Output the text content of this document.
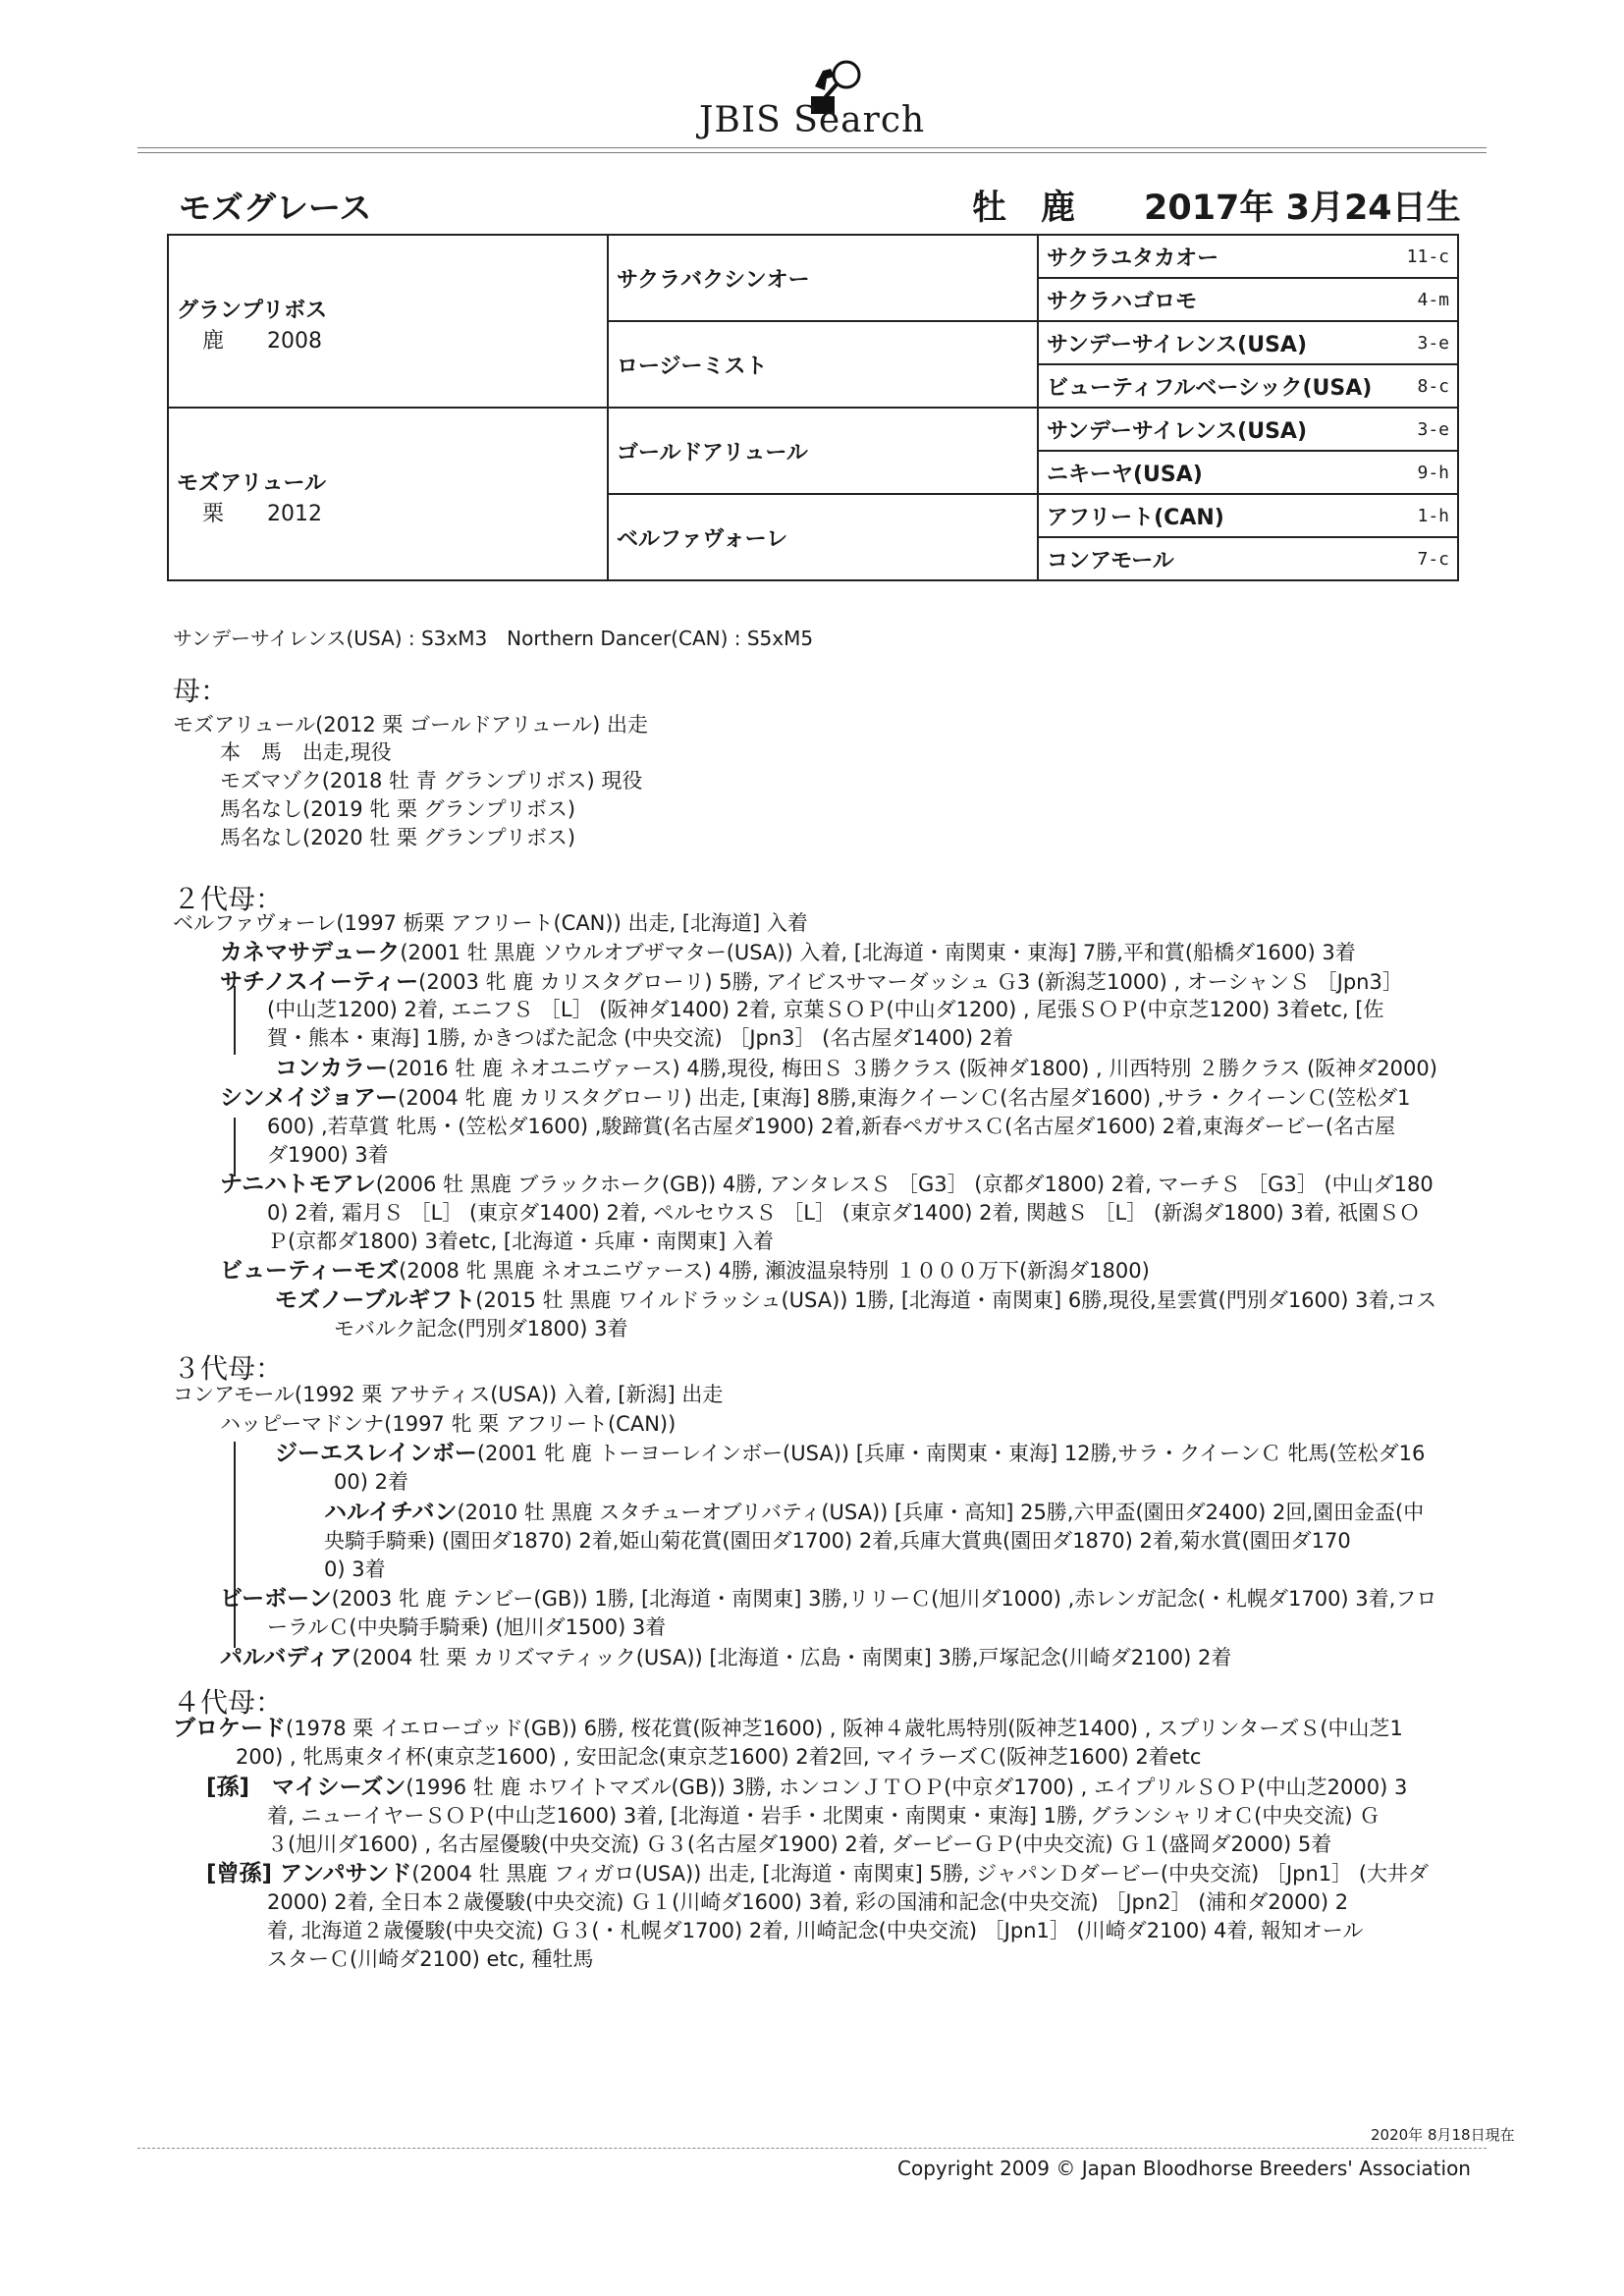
JBIS Search
モズグレース	牡　鹿　　2017年 3月24日生
グランプリボス
鹿　　2008	サクラバクシンオー	サクラユタカオー 11-c

		サクラハゴロモ 4-m

	ロージーミスト	サンデーサイレンス(USA) 3-e

		ビューティフルベーシック(USA) 8-c

モズアリュール
栗　　2012	ゴールドアリュール	サンデーサイレンス(USA) 3-e

		ニキーヤ(USA) 9-h

	ベルファヴォーレ	アフリート(CAN) 1-h

		コンアモール 7-c
サンデーサイレンス(USA) : S3xM3　Northern Dancer(CAN) : S5xM5
母：
２代母：
３代母：
４代母：
モズアリュール(2012 栗 ゴールドアリュール) 出走
本　馬　出走,現役
モズマゾク(2018 牡 青 グランプリボス) 現役
馬名なし(2019 牝 栗 グランプリボス)
馬名なし(2020 牡 栗 グランプリボス)
ベルファヴォーレ(1997 栃栗 アフリート(CAN)) 出走, [北海道] 入着
カネマサデューク(2001 牡 黒鹿 ソウルオブザマター(USA)) 入着, [北海道・南関東・東海] 7勝,平和賞(船橋ダ1600) 3着
サチノスイーティー(2003 牝 鹿 カリスタグローリ) 5勝, アイビスサマーダッシュ Ｇ3 (新潟芝1000) , オーシャンＳ ［Jpn3］
(中山芝1200) 2着, エニフＳ ［L］ (阪神ダ1400) 2着, 京葉ＳＯＰ(中山ダ1200) , 尾張ＳＯＰ(中京芝1200) 3着etc, [佐
賀・熊本・東海] 1勝, かきつばた記念 (中央交流) ［Jpn3］ (名古屋ダ1400) 2着
コンカラー(2016 牡 鹿 ネオユニヴァース) 4勝,現役, 梅田Ｓ ３勝クラス (阪神ダ1800) , 川西特別 ２勝クラス (阪神ダ2000)
シンメイジョアー(2004 牝 鹿 カリスタグローリ) 出走, [東海] 8勝,東海クイーンＣ(名古屋ダ1600) ,サラ・クイーンＣ(笠松ダ1
600) ,若草賞 牝馬・(笠松ダ1600) ,駿蹄賞(名古屋ダ1900) 2着,新春ペガサスＣ(名古屋ダ1600) 2着,東海ダービー(名古屋
ダ1900) 3着
ナニハトモアレ(2006 牡 黒鹿 ブラックホーク(GB)) 4勝, アンタレスＳ ［G3］ (京都ダ1800) 2着, マーチＳ ［G3］ (中山ダ180
0) 2着, 霜月Ｓ ［L］ (東京ダ1400) 2着, ペルセウスＳ ［L］ (東京ダ1400) 2着, 関越Ｓ ［L］ (新潟ダ1800) 3着, 祇園ＳＯ
Ｐ(京都ダ1800) 3着etc, [北海道・兵庫・南関東] 入着
ビューティーモズ(2008 牝 黒鹿 ネオユニヴァース) 4勝, 瀬波温泉特別 １０００万下(新潟ダ1800)
モズノーブルギフト(2015 牡 黒鹿 ワイルドラッシュ(USA)) 1勝, [北海道・南関東] 6勝,現役,星雲賞(門別ダ1600) 3着,コス
モバルク記念(門別ダ1800) 3着
コンアモール(1992 栗 アサティス(USA)) 入着, [新潟] 出走
ハッピーマドンナ(1997 牝 栗 アフリート(CAN))
ジーエスレインボー(2001 牝 鹿 トーヨーレインボー(USA)) [兵庫・南関東・東海] 12勝,サラ・クイーンＣ 牝馬(笠松ダ16
00) 2着
ハルイチバン(2010 牡 黒鹿 スタチューオブリバティ(USA)) [兵庫・高知] 25勝,六甲盃(園田ダ2400) 2回,園田金盃(中
央騎手騎乗) (園田ダ1870) 2着,姫山菊花賞(園田ダ1700) 2着,兵庫大賞典(園田ダ1870) 2着,菊水賞(園田ダ170
0) 3着
ビーボーン(2003 牝 鹿 テンビー(GB)) 1勝, [北海道・南関東] 3勝,リリーＣ(旭川ダ1000) ,赤レンガ記念(・札幌ダ1700) 3着,フロ
ーラルＣ(中央騎手騎乗) (旭川ダ1500) 3着
パルバディア(2004 牡 栗 カリズマティック(USA)) [北海道・広島・南関東] 3勝,戸塚記念(川崎ダ2100) 2着
ブロケード(1978 栗 イエローゴッド(GB)) 6勝, 桜花賞(阪神芝1600) , 阪神４歳牝馬特別(阪神芝1400) , スプリンターズＳ(中山芝1
200) , 牝馬東タイ杯(東京芝1600) , 安田記念(東京芝1600) 2着2回, マイラーズＣ(阪神芝1600) 2着etc
[孫]　マイシーズン(1996 牡 鹿 ホワイトマズル(GB)) 3勝, ホンコンＪＴＯＰ(中京ダ1700) , エイプリルＳＯＰ(中山芝2000) 3
着, ニューイヤーＳＯＰ(中山芝1600) 3着, [北海道・岩手・北関東・南関東・東海] 1勝, グランシャリオＣ(中央交流) Ｇ
３(旭川ダ1600) , 名古屋優駿(中央交流) Ｇ３(名古屋ダ1900) 2着, ダービーＧＰ(中央交流) Ｇ１(盛岡ダ2000) 5着
[曾孫] アンパサンド(2004 牡 黒鹿 フィガロ(USA)) 出走, [北海道・南関東] 5勝, ジャパンＤダービー(中央交流) ［Jpn1］ (大井ダ
2000) 2着, 全日本２歳優駿(中央交流) Ｇ１(川崎ダ1600) 3着, 彩の国浦和記念(中央交流) ［Jpn2］ (浦和ダ2000) 2
着, 北海道２歳優駿(中央交流) Ｇ３(・札幌ダ1700) 2着, 川崎記念(中央交流) ［Jpn1］ (川崎ダ2100) 4着, 報知オール
スターＣ(川崎ダ2100) etc, 種牡馬
2020年 8月18日現在
Copyright 2009 © Japan Bloodhorse Breeders' Association
